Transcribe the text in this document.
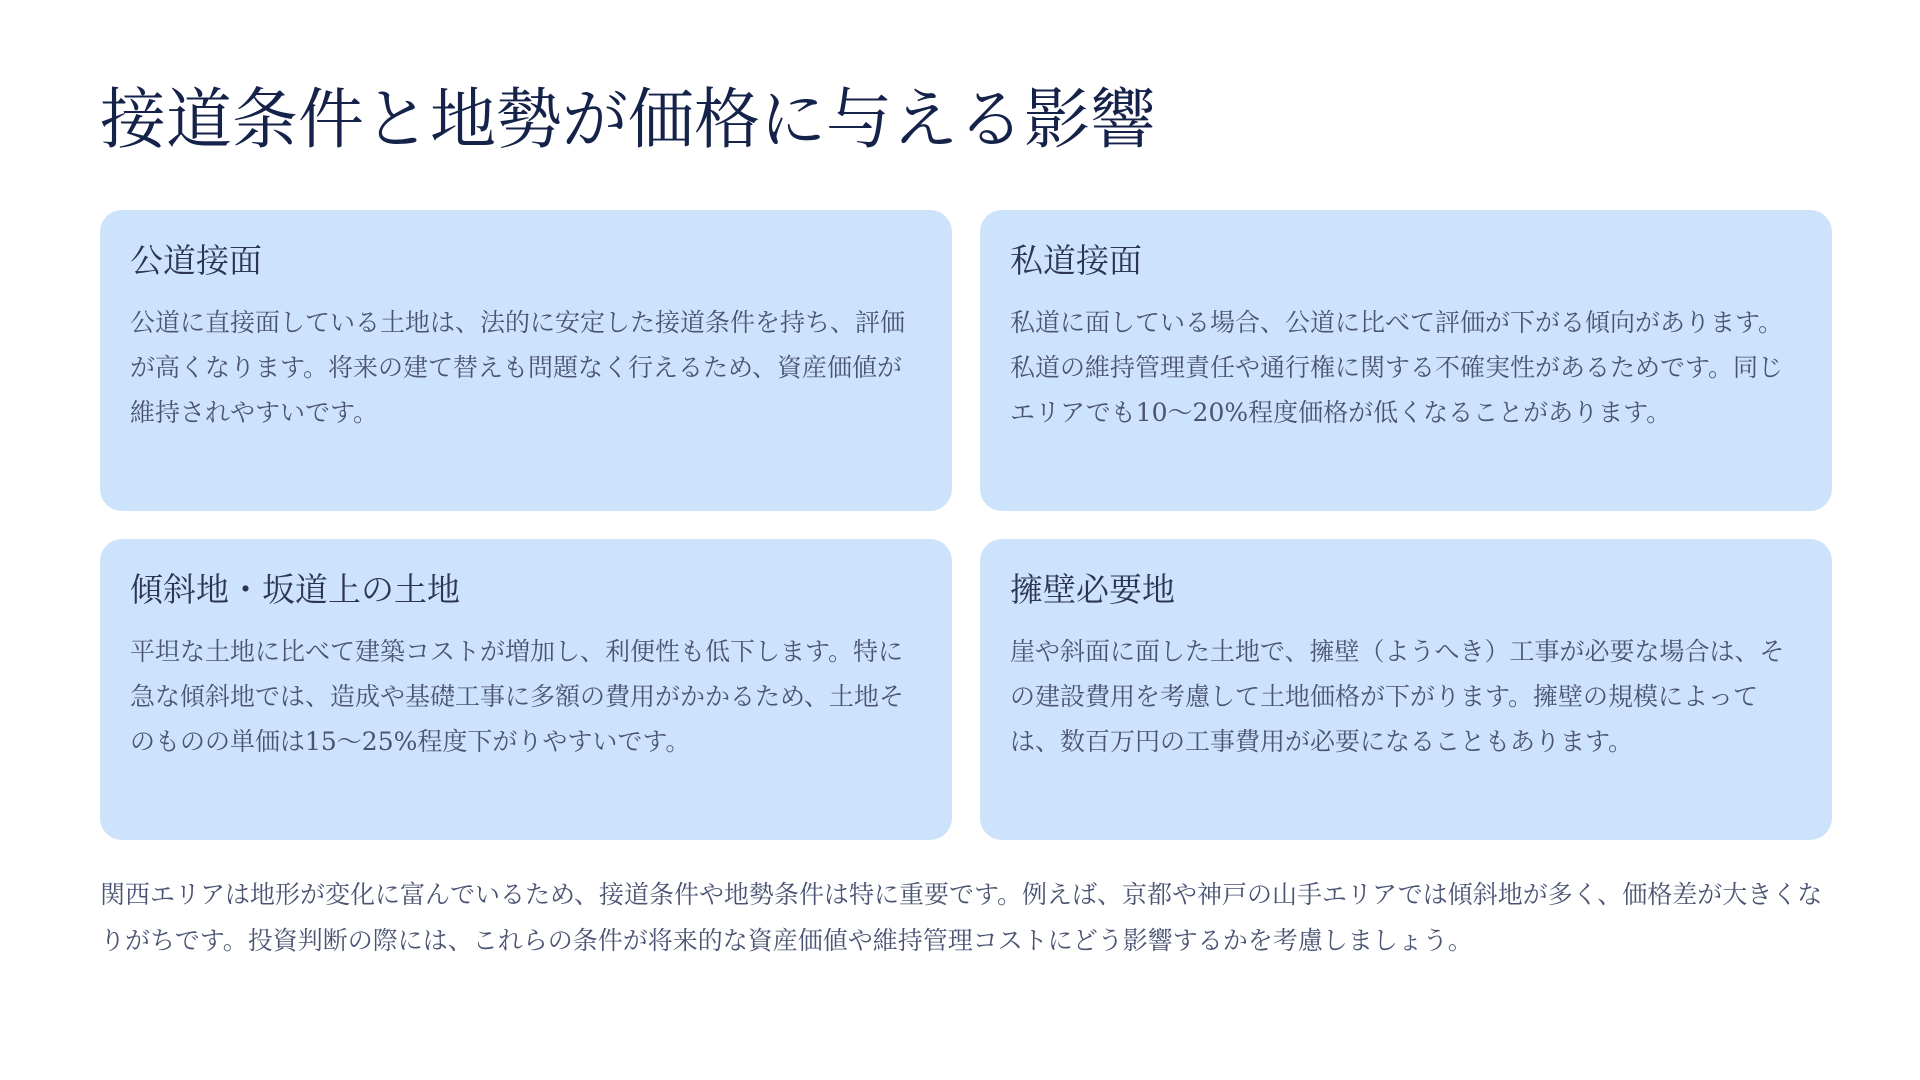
接道条件と地勢が価格に与える影響
公道接面

公道に直接面している土地は、法的に安定した接道条件を持ち、評価が高くなります。将来の建て替えも問題なく行えるため、資産価値が維持されやすいです。

私道接面

私道に面している場合、公道に比べて評価が下がる傾向があります。私道の維持管理責任や通行権に関する不確実性があるためです。同じエリアでも10～20%程度価格が低くなることがあります。

傾斜地・坂道上の土地

平坦な土地に比べて建築コストが増加し、利便性も低下します。特に急な傾斜地では、造成や基礎工事に多額の費用がかかるため、土地そのものの単価は15～25%程度下がりやすいです。

擁壁必要地

崖や斜面に面した土地で、擁壁（ようへき）工事が必要な場合は、その建設費用を考慮して土地価格が下がります。擁壁の規模によっては、数百万円の工事費用が必要になることもあります。

関西エリアは地形が変化に富んでいるため、接道条件や地勢条件は特に重要です。例えば、京都や神戸の山手エリアでは傾斜地が多く、価格差が大きくなりがちです。投資判断の際には、これらの条件が将来的な資産価値や維持管理コストにどう影響するかを考慮しましょう。
